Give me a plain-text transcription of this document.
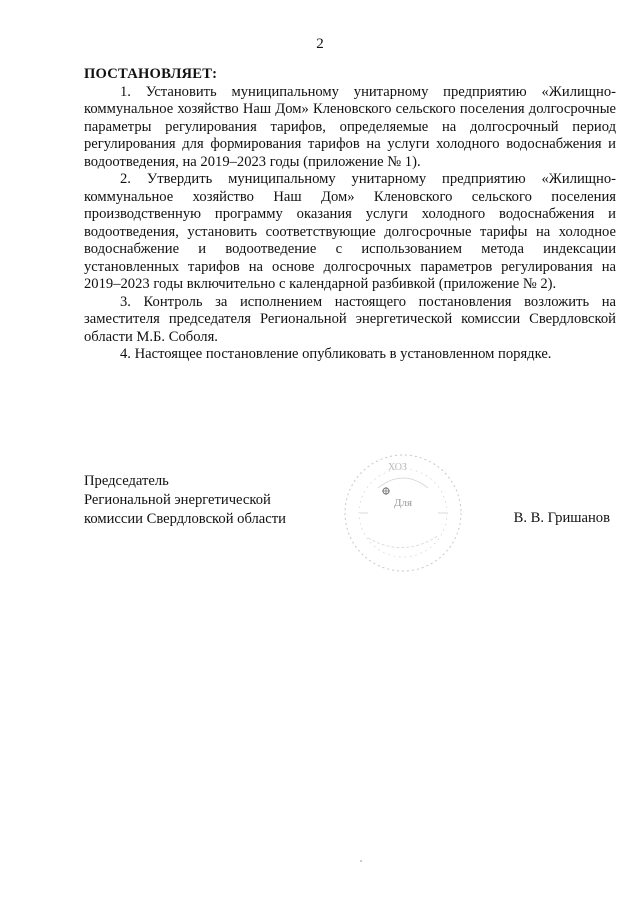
2

ПОСТАНОВЛЯЕТ:

1. Установить муниципальному унитарному предприятию «Жилищно-коммунальное хозяйство Наш Дом» Кленовского сельского поселения долгосрочные параметры регулирования тарифов, определяемые на долгосрочный период регулирования для формирования тарифов на услуги холодного водоснабжения и водоотведения, на 2019–2023 годы (приложение № 1).

2. Утвердить муниципальному унитарному предприятию «Жилищно-коммунальное хозяйство Наш Дом» Кленовского сельского поселения производственную программу оказания услуги холодного водоснабжения и водоотведения, установить соответствующие долгосрочные тарифы на холодное водоснабжение и водоотведение с использованием метода индексации установленных тарифов на основе долгосрочных параметров регулирования на 2019–2023 годы включительно с календарной разбивкой (приложение № 2).

3. Контроль за исполнением настоящего постановления возложить на заместителя председателя Региональной энергетической комиссии Свердловской области М.Б. Соболя.

4. Настоящее постановление опубликовать в установленном порядке.

Председатель
Региональной энергетической
комиссии Свердловской области
ХОЗ
Для
В. В. Гришанов
